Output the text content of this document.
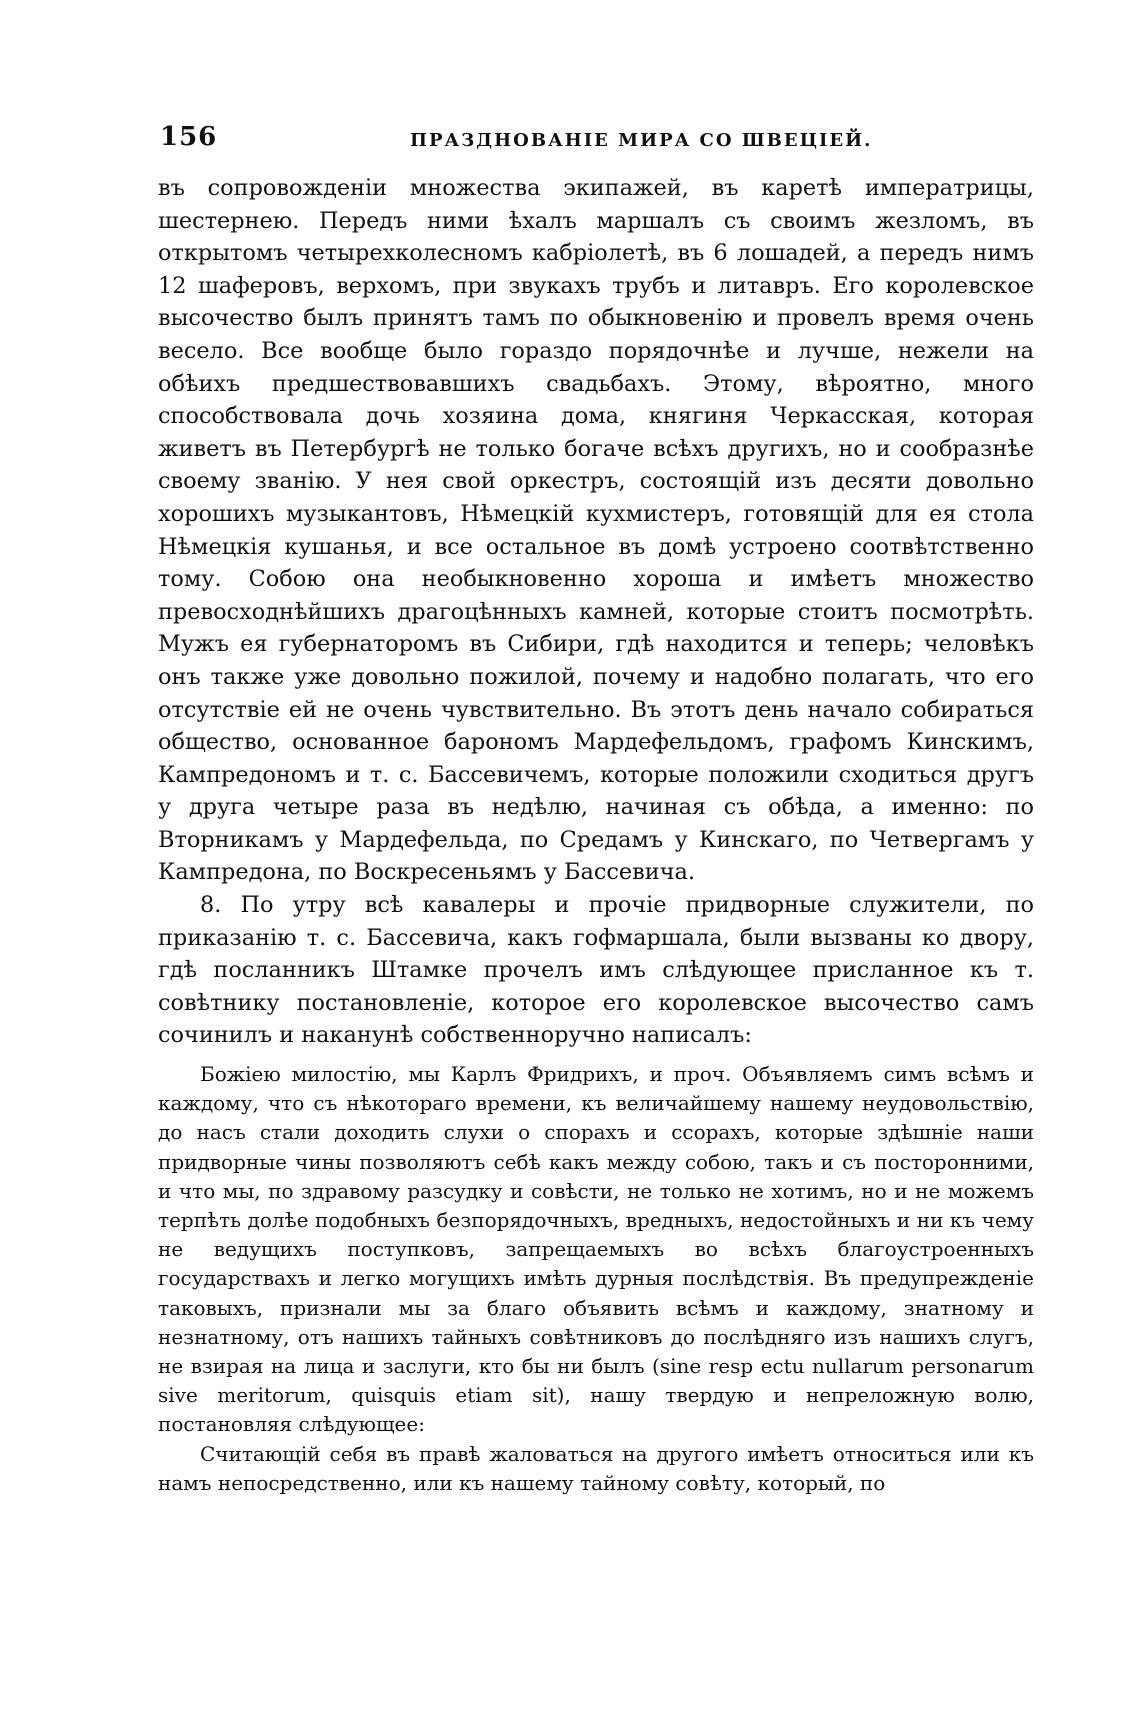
156	ПРАЗДНОВАНІЕ МИРА СО ШВЕЦІЕЙ.

въ сопровожденіи множества экипажей, въ каретѣ императрицы, шестернею. Передъ ними ѣхалъ маршалъ съ своимъ жезломъ, въ открытомъ четырехколесномъ кабріолетѣ, въ 6 лошадей, а передъ нимъ 12 шаферовъ, верхомъ, при звукахъ трубъ и литавръ. Его королевское высочество былъ принятъ тамъ по обыкновенію и провелъ время очень весело. Все вообще было гораздо порядочнѣе и лучше, нежели на обѣихъ предшествовавшихъ свадьбахъ. Этому, вѣроятно, много способствовала дочь хозяина дома, княгиня Черкасская, которая живетъ въ Петербургѣ не только богаче всѣхъ другихъ, но и сообразнѣе своему званію. У нея свой оркестръ, состоящій изъ десяти довольно хорошихъ музыкантовъ, Нѣмецкій кухмистеръ, готовящій для ея стола Нѣмецкія кушанья, и все остальное въ домѣ устроено соотвѣтственно тому. Собою она необыкновенно хороша и имѣетъ множество превосходнѣйшихъ драгоцѣнныхъ камней, которые стоитъ посмотрѣть. Мужъ ея губернаторомъ въ Сибири, гдѣ находится и теперь; человѣкъ онъ также уже довольно пожилой, почему и надобно полагать, что его отсутствіе ей не очень чувствительно. Въ этотъ день начало собираться общество, основанное барономъ Мардефельдомъ, графомъ Кинскимъ, Кампредономъ и т. с. Бассевичемъ, которые положили сходиться другъ у друга четыре раза въ недѣлю, начиная съ обѣда, а именно: по Вторникамъ у Мардефельда, по Средамъ у Кинскаго, по Четвергамъ у Кампредона, по Воскресеньямъ у Бассевича.

8. По утру всѣ кавалеры и прочіе придворные служители, по приказанію т. с. Бассевича, какъ гофмаршала, были вызваны ко двору, гдѣ посланникъ Штамке прочелъ имъ слѣдующее присланное къ т. совѣтнику постановленіе, которое его королевское высочество самъ сочинилъ и наканунѣ собственноручно написалъ:

Божіею милостію, мы Карлъ Фридрихъ, и проч. Объявляемъ симъ всѣмъ и каждому, что съ нѣкотораго времени, къ величайшему нашему неудовольствію, до насъ стали доходить слухи о спорахъ и ссорахъ, которые здѣшніе наши придворные чины позволяютъ себѣ какъ между собою, такъ и съ посторонними, и что мы, по здравому разсудку и совѣсти, не только не хотимъ, но и не можемъ терпѣть долѣе подобныхъ безпорядочныхъ, вредныхъ, недостойныхъ и ни къ чему не ведущихъ поступковъ, запрещаемыхъ во всѣхъ благоустроенныхъ государствахъ и легко могущихъ имѣть дурныя послѣдствія. Въ предупрежденіе таковыхъ, признали мы за благо объявить всѣмъ и каждому, знатному и незнатному, отъ нашихъ тайныхъ совѣтниковъ до послѣдняго изъ нашихъ слугъ, не взирая на лица и заслуги, кто бы ни былъ (sine resp ectu nullarum personarum sive meritorum, quisquis etiam sit), нашу твердую и непреложную волю, постановляя слѣдующее:

Считающій себя въ правѣ жаловаться на другого имѣетъ относиться или къ намъ непосредственно, или къ нашему тайному совѣту, который, по
